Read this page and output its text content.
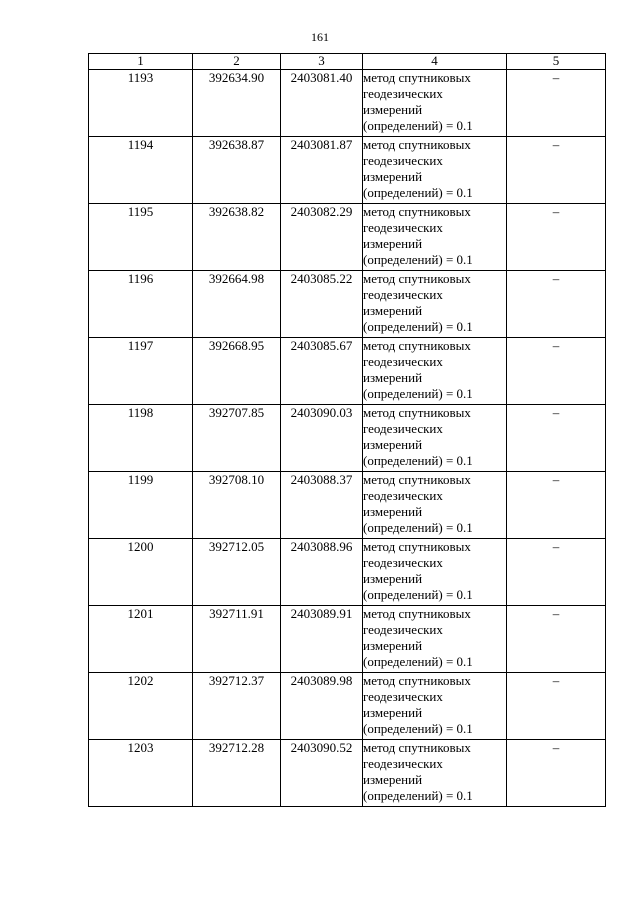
161
1	2	3	4	5
1193	392634.90	2403081.40	метод спутниковых
геодезических
измерений
(определений) = 0.1	–
1194	392638.87	2403081.87	метод спутниковых
геодезических
измерений
(определений) = 0.1	–
1195	392638.82	2403082.29	метод спутниковых
геодезических
измерений
(определений) = 0.1	–
1196	392664.98	2403085.22	метод спутниковых
геодезических
измерений
(определений) = 0.1	–
1197	392668.95	2403085.67	метод спутниковых
геодезических
измерений
(определений) = 0.1	–
1198	392707.85	2403090.03	метод спутниковых
геодезических
измерений
(определений) = 0.1	–
1199	392708.10	2403088.37	метод спутниковых
геодезических
измерений
(определений) = 0.1	–
1200	392712.05	2403088.96	метод спутниковых
геодезических
измерений
(определений) = 0.1	–
1201	392711.91	2403089.91	метод спутниковых
геодезических
измерений
(определений) = 0.1	–
1202	392712.37	2403089.98	метод спутниковых
геодезических
измерений
(определений) = 0.1	–
1203	392712.28	2403090.52	метод спутниковых
геодезических
измерений
(определений) = 0.1	–
